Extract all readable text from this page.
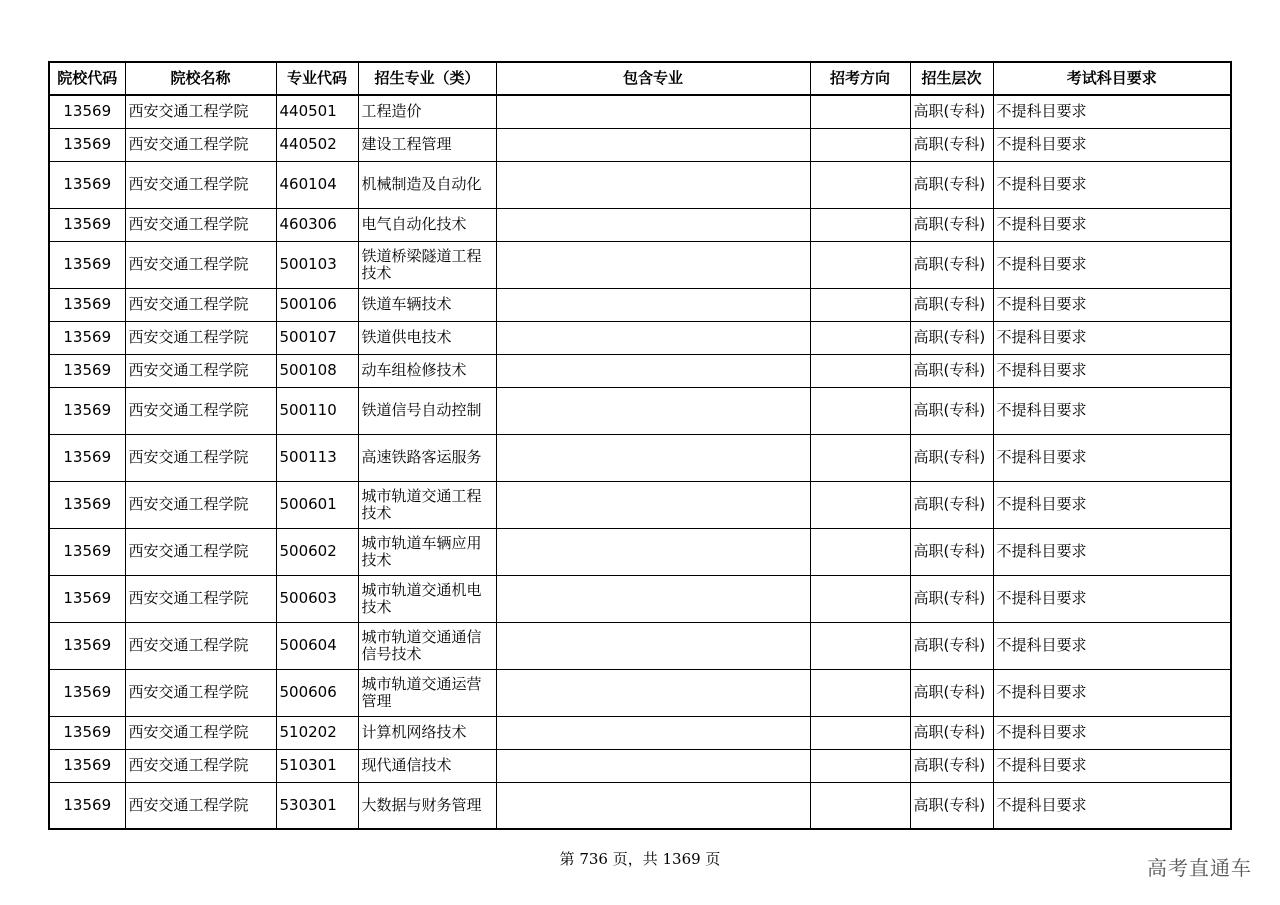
院校代码	院校名称	专业代码	招生专业（类）	包含专业	招考方向	招生层次	考试科目要求
13569	西安交通工程学院	440501	工程造价			高职(专科)	不提科目要求
13569	西安交通工程学院	440502	建设工程管理			高职(专科)	不提科目要求
13569	西安交通工程学院	460104	机械制造及自动化			高职(专科)	不提科目要求
13569	西安交通工程学院	460306	电气自动化技术			高职(专科)	不提科目要求
13569	西安交通工程学院	500103	铁道桥梁隧道工程技术			高职(专科)	不提科目要求
13569	西安交通工程学院	500106	铁道车辆技术			高职(专科)	不提科目要求
13569	西安交通工程学院	500107	铁道供电技术			高职(专科)	不提科目要求
13569	西安交通工程学院	500108	动车组检修技术			高职(专科)	不提科目要求
13569	西安交通工程学院	500110	铁道信号自动控制			高职(专科)	不提科目要求
13569	西安交通工程学院	500113	高速铁路客运服务			高职(专科)	不提科目要求
13569	西安交通工程学院	500601	城市轨道交通工程技术			高职(专科)	不提科目要求
13569	西安交通工程学院	500602	城市轨道车辆应用技术			高职(专科)	不提科目要求
13569	西安交通工程学院	500603	城市轨道交通机电技术			高职(专科)	不提科目要求
13569	西安交通工程学院	500604	城市轨道交通通信信号技术			高职(专科)	不提科目要求
13569	西安交通工程学院	500606	城市轨道交通运营管理			高职(专科)	不提科目要求
13569	西安交通工程学院	510202	计算机网络技术			高职(专科)	不提科目要求
13569	西安交通工程学院	510301	现代通信技术			高职(专科)	不提科目要求
13569	西安交通工程学院	530301	大数据与财务管理			高职(专科)	不提科目要求
第 736 页，共 1369 页	高考直通车
